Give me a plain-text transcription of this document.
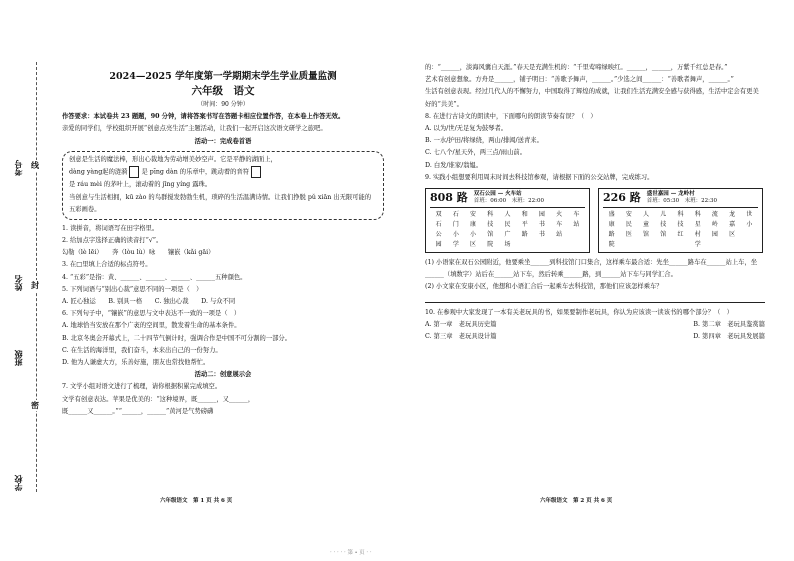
考号
姓名
班级
学校
线
封
密
2024—2025 学年度第一学期期末学生学业质量监测
六年级　语文
（时间：90 分钟）
作答要求：本试卷共 23 题题，90 分钟，请将答案书写在答题卡相应位置作答，在本卷上作答无效。
亲爱的同学们，学校组织开展“创意点亮生活”主题活动，让我们一起开启这次语文研学之旅吧。
活动一：完成卷首语
创意是生活的魔法棒，形出心裁地为劳动增美妙空声。它是平静的湖面上，
dàng yàng起的涟漪 是 pīng dàn 的乐章中，跳动着的音符
是 ráu mèi 的茅叶上，滚动着的 jīng yíng 露珠。
当创意与生活相拥，kū zào 的鸟群搅发勃勃生机，琐碎的生活温满诗情。让我们挣脱 pǔ xiān 出无限可能的五彩画卷。
1. 读拼音，将词语写在田字格里。
2. 给加点字选择正确的读音打“√”。
勾勒（lè lēi）　　奔（lòu lù）咏　　镶嵌（kǎi gāi）
3. 在□里填上合适的标点符号。
4. “五彩”是指：黄、______、______、______、______五种颜色。
5. 下列词语与“别出心裁”意思不同的一项是（　）
A. 匠心独运　　B. 别具一格　　C. 独出心裁　　D. 与众不同
6. 下列句子中，“镶嵌”的意思与文中表达不一致的一项是（　）
A. 地球恰当安放在那个广袤的空间里，散发着生命的基本条件。
B. 北京冬奥会开幕式上，二十四节气倒计时，强调合作是中国不可分割的一部分。
C. 在生活的海洋里，我们奋斗，本来出自己的一份努力。
D. 他为人谦虚大方，乐善好施，朋友也常找他帮忙。
活动二：创意展示会
7. 文学小组对语文进行了梳理，请你根据积累完成填空。
文学有创意表达。苹果是优美的：“这种境界，既______，又______，
既______又______。”“______，______”黄河是气势磅礴
的：“______，淡海风囊自天涯。”春天是充满生机的：“千里莺啼绿映红。______，______，万紫千红总是春。”
艺术有创意想象。方舟是______，铺子明日：“善歌予舞声，______。”少选之间______：“善歌者舞声，______。”
生活有创意表现。经过几代人的不懈努力，中国取得了辉煌的成就，让我们生活充满安全感与获得感，生活中定会有更美好的“共美”。
8. 在进行古诗文的朗读中，下面哪句的朗读节奏有误？（　）
A. 以为/世/无足复为鼓琴者。
B. 一水/护田/将绿绕，两山/排闼/送青来。
C. 七八个/星天外，两三点/雨山前。
D. 白发/谁家/翁媪。
9. 实践小组想要利用周末时间去科技馆参观，请根据下面的公交站牌，完成练习。
808 路 双石公园 — 火车站
首班：06:00　末班：22:00
双	石	安	科	人	和	园	火	车
石	门	康	技	民	平	书	车	站
公	小	小	馆	广	路	书	站
园	学	区	院	场
226 路 盛世嘉园 — 龙岭村
首班：05:30　末班：22:30
盛	安	人	儿	科	科	流	龙	世
康	民	童	技	技	星	岭	嘉	小
路	医	馆	馆	红	村	园	区
院	学
(1) 小语家在双石公园附近，他要乘坐______到科技馆门口集合，这样乘车最合适：先坐______路车在______站上车，坐______（填数字）站后在______站下车，然后转乘______路，到______站下车与同学汇合。
(2) 小文家在安康小区，他想和小语汇合后一起乘车去科技馆，那他们应该怎样乘车？
10. 在参观中大家发现了一本有关老玩具的书，如果要制作老玩具，你认为应该读一读该书的哪个部分？（　）
A. 第一章　老玩具历史篇	B. 第二章　老玩具鉴赏篇
C. 第三章　老玩具设计篇	D. 第四章　老玩具发展篇
六年级语文　第 1 页 共 6 页	六年级语文　第 2 页 共 6 页
· · · · · 第 ∙ 页 · ·
